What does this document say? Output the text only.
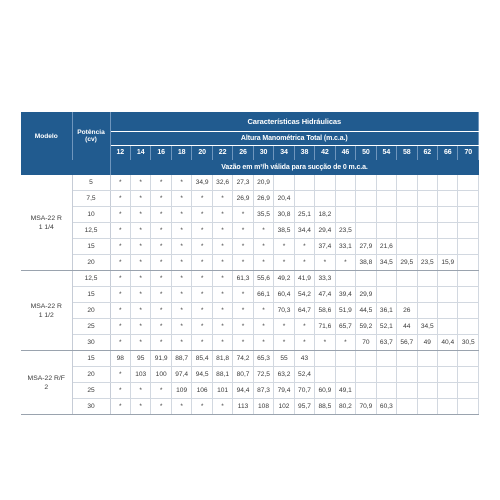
Modelo	Potência
(cv)	Características Hidráulicas																	
		Altura Manométrica Total (m.c.a.)																	
		12	14	16	18	20	22	26	30	34	38	42	46	50	54	58	62	66	70
		Vazão em m³/h válida para sucção de 0 m.c.a.																	

MSA-22 R
1 1/4	5	*	*	*	*	34,9	32,6	27,3	20,9										
	7,5	*	*	*	*	*	*	26,9	26,9	20,4									
	10	*	*	*	*	*	*	*	35,5	30,8	25,1	18,2							
	12,5	*	*	*	*	*	*	*	*	38,5	34,4	29,4	23,5						
	15	*	*	*	*	*	*	*	*	*	*	37,4	33,1	27,9	21,6				
	20	*	*	*	*	*	*	*	*	*	*	*	*	38,8	34,5	29,5	23,5	15,9	

MSA-22 R
1 1/2	12,5	*	*	*	*	*	*	61,3	55,6	49,2	41,9	33,3							
	15	*	*	*	*	*	*	*	66,1	60,4	54,2	47,4	39,4	29,9					
	20	*	*	*	*	*	*	*	*	70,3	64,7	58,6	51,9	44,5	36,1	26			
	25	*	*	*	*	*	*	*	*	*	*	71,6	65,7	59,2	52,1	44	34,5		
	30	*	*	*	*	*	*	*	*	*	*	*	*	70	63,7	56,7	49	40,4	30,5

MSA-22 R/F
2	15	98	95	91,9	88,7	85,4	81,8	74,2	65,3	55	43								
	20	*	103	100	97,4	94,5	88,1	80,7	72,5	63,2	52,4								
	25	*	*	*	109	106	101	94,4	87,3	79,4	70,7	60,9	49,1						
	30	*	*	*	*	*	*	113	108	102	95,7	88,5	80,2	70,9	60,3				
